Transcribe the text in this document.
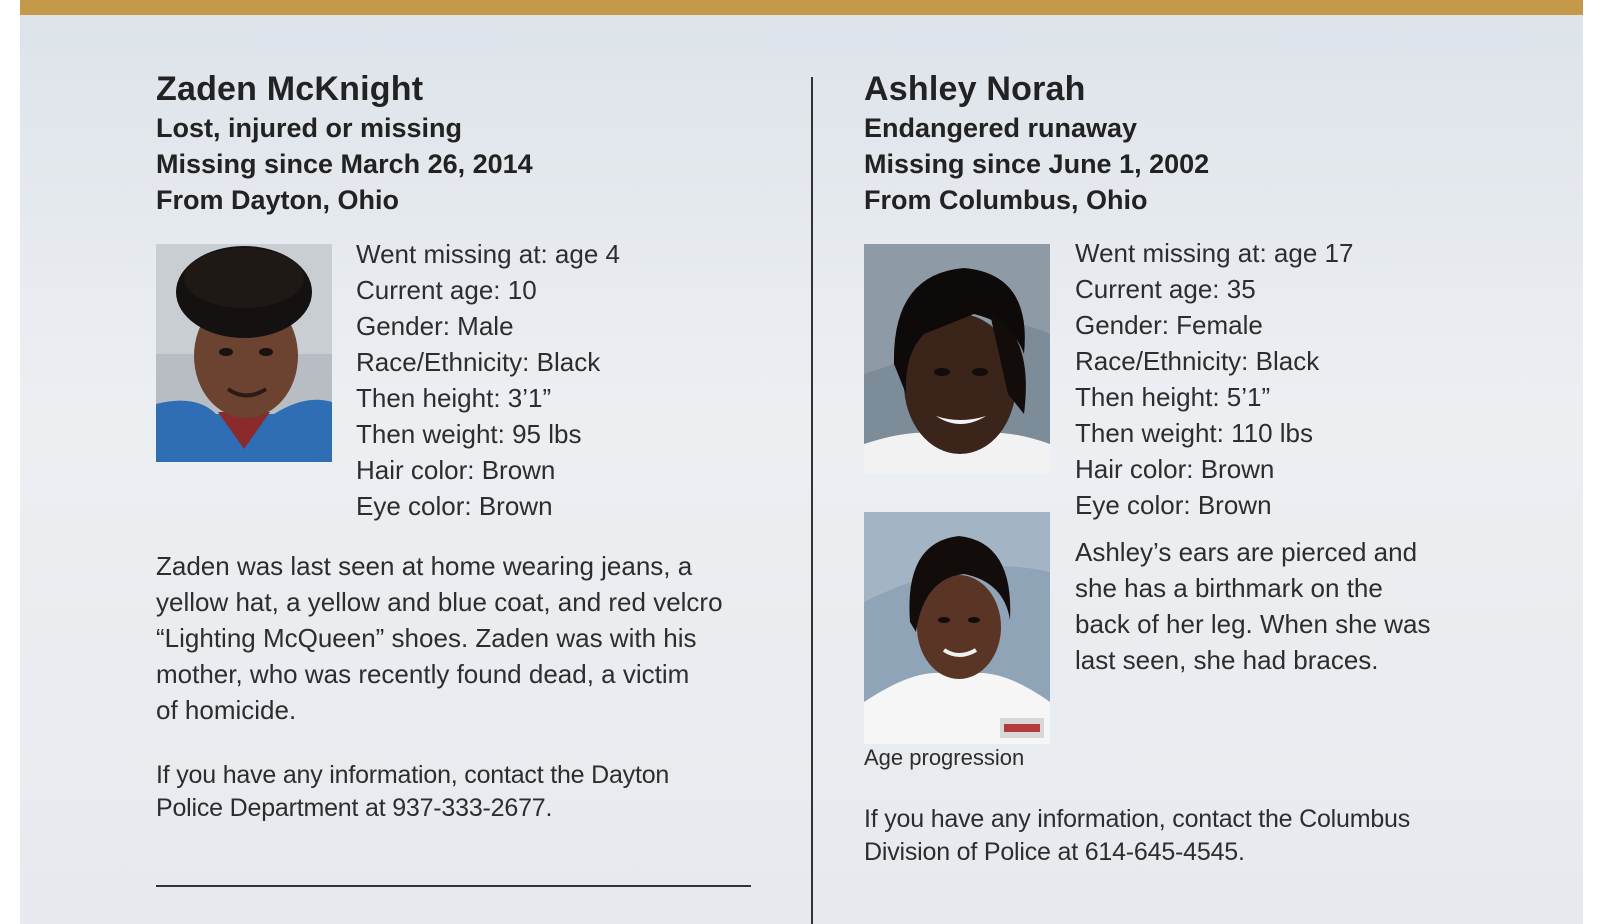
Zaden McKnight
Lost, injured or missing
Missing since March 26, 2014
From Dayton, Ohio
Went missing at: age 4
Current age: 10
Gender: Male
Race/Ethnicity: Black
Then height: 3’1”
Then weight: 95 lbs
Hair color: Brown
Eye color: Brown
Zaden was last seen at home wearing jeans, a
yellow hat, a yellow and blue coat, and red velcro
“Lighting McQueen” shoes. Zaden was with his
mother, who was recently found dead, a victim
of homicide.
If you have any information, contact the Dayton
Police Department at 937-333-2677.
Ashley Norah
Endangered runaway
Missing since June 1, 2002
From Columbus, Ohio
Age progression
Went missing at: age 17
Current age: 35
Gender: Female
Race/Ethnicity: Black
Then height: 5’1”
Then weight: 110 lbs
Hair color: Brown
Eye color: Brown
Ashley’s ears are pierced and
she has a birthmark on the
back of her leg. When she was
last seen, she had braces.
If you have any information, contact the Columbus
Division of Police at 614-645-4545.
